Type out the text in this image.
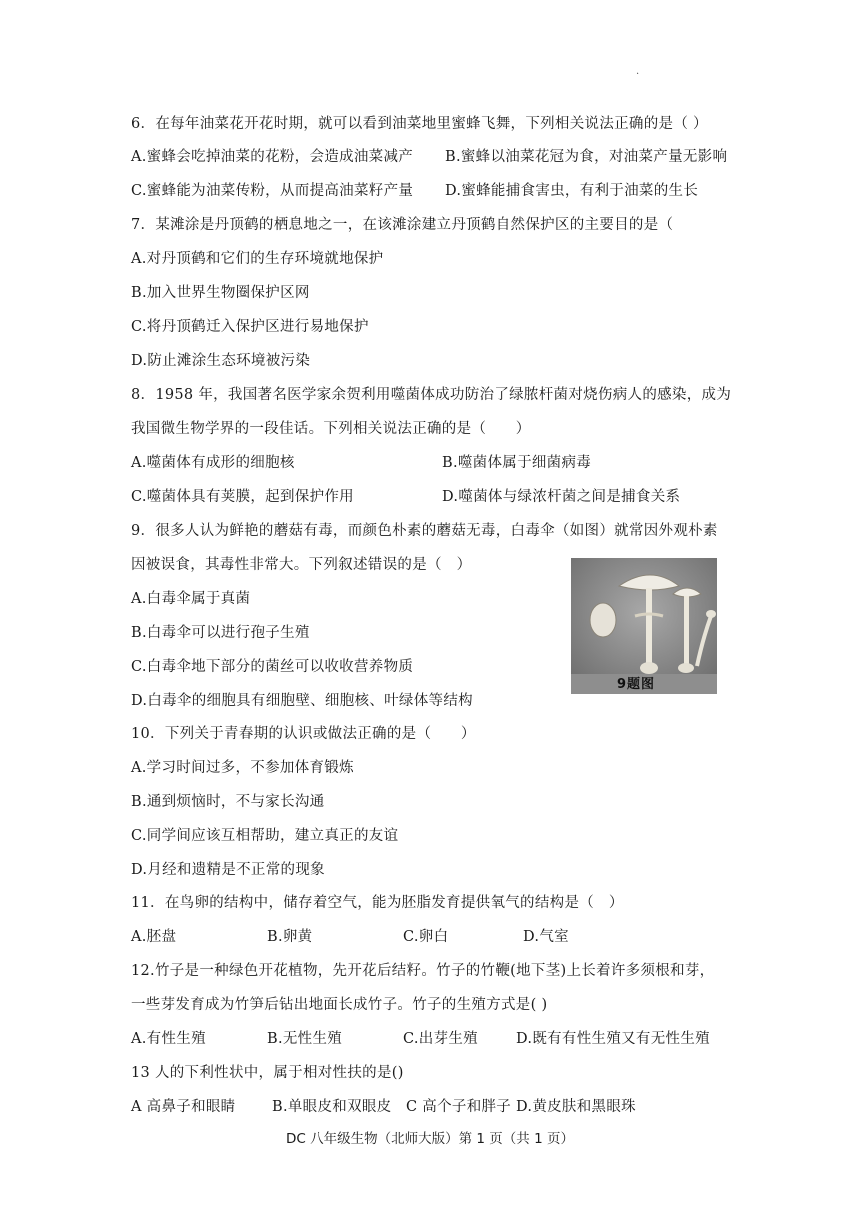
.
6．在每年油菜花开花时期，就可以看到油菜地里蜜蜂飞舞，下列相关说法正确的是（ ）
A.蜜蜂会吃掉油菜的花粉，会造成油菜减产 B.蜜蜂以油菜花冠为食，对油菜产量无影响
C.蜜蜂能为油菜传粉，从而提高油菜籽产量 D.蜜蜂能捕食害虫，有利于油菜的生长
7．某滩涂是丹顶鹤的栖息地之一，在该滩涂建立丹顶鹤自然保护区的主要目的是（
A.对丹顶鹤和它们的生存环境就地保护
B.加入世界生物圈保护区网
C.将丹顶鹤迁入保护区进行易地保护
D.防止滩涂生态环境被污染
8．1958 年，我国著名医学家余贺利用噬菌体成功防治了绿脓杆菌对烧伤病人的感染，成为
我国微生物学界的一段佳话。下列相关说法正确的是（　　）
A.噬菌体有成形的细胞核	B.噬菌体属于细菌病毒
C.噬菌体具有荚膜，起到保护作用	D.噬菌体与绿浓杆菌之间是捕食关系
9．很多人认为鲜艳的蘑菇有毒，而颜色朴素的蘑菇无毒，白毒伞（如图）就常因外观朴素
因被误食，其毒性非常大。下列叙述错误的是（　）
A.白毒伞属于真菌
B.白毒伞可以进行孢子生殖
C.白毒伞地下部分的菌丝可以收收营养物质
D.白毒伞的细胞具有细胞壁、细胞核、叶绿体等结构
9题图
10．下列关于青春期的认识或做法正确的是（　　）
A.学习时间过多，不参加体育锻炼
B.通到烦恼时，不与家长沟通
C.同学间应该互相帮助，建立真正的友谊
D.月经和遗精是不正常的现象
11．在鸟卵的结构中，储存着空气，能为胚脂发育提供氧气的结构是（　）
A.胚盘	B.卵黄	C.卵白	D.气室
12.竹子是一种绿色开花植物，先开花后结籽。竹子的竹鞭(地下茎)上长着许多须根和芽，
一些芽发育成为竹笋后钻出地面长成竹子。竹子的生殖方式是( )
A.有性生殖	B.无性生殖	C.出芽生殖	D.既有有性生殖又有无性生殖
13 人的下利性状中，属于相对性扶的是()
A 高鼻子和眼睛	B.单眼皮和双眼皮 C 高个子和胖子 D.黄皮肤和黑眼珠
DC 八年级生物（北师大版）第 1 页（共 1 页）
